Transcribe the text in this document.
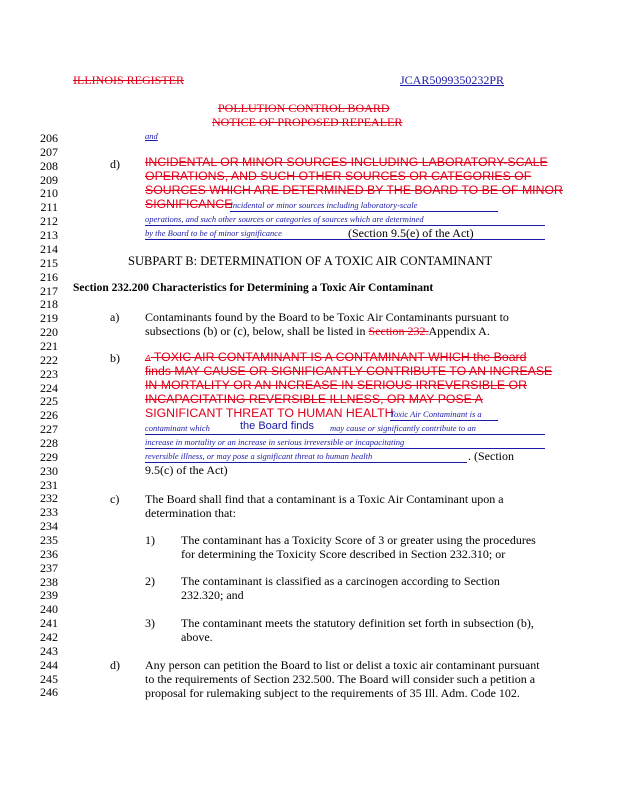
ILLINOIS REGISTER	JCAR5099350232PR
POLLUTION CONTROL BOARD
NOTICE OF PROPOSED REPEALER
206
207
208
209
210
211
212
213
214
215
216
217
218
219
220
221
222
223
224
225
226
227
228
229
230
231
232
233
234
235
236
237
238
239
240
241
242
243
244
245
246
and
d) INCIDENTAL OR MINOR SOURCES INCLUDING LABORATORY-SCALE
OPERATIONS, AND SUCH OTHER SOURCES OR CATEGORIES OF
SOURCES WHICH ARE DETERMINED BY THE BOARD TO BE OF MINOR
SIGNIFICANCE
Incidental or minor sources including laboratory-scale
operations, and such other sources or categories of sources which are determined
by the Board to be of minor significance	(Section 9.5(e) of the Act)
SUBPART B: DETERMINATION OF A TOXIC AIR CONTAMINANT
Section 232.200 Characteristics for Determining a Toxic Air Contaminant
a) Contaminants found by the Board to be Toxic Air Contaminants pursuant to
subsections (b) or (c), below, shall be listed in Section 232.Appendix A.
b)	A TOXIC AIR CONTAMINANT IS A CONTAMINANT WHICH the Board
finds MAY CAUSE OR SIGNIFICANTLY CONTRIBUTE TO AN INCREASE
IN MORTALITY OR AN INCREASE IN SERIOUS IRREVERSIBLE OR
INCAPACITATING REVERSIBLE ILLNESS, OR MAY POSE A
SIGNIFICANT THREAT TO HUMAN HEALTH
Toxic Air Contaminant is a
contaminant which	the Board finds may cause or significantly contribute to an
increase in mortality or an increase in serious irreversible or incapacitating
reversible illness, or may pose a significant threat to human health	. (Section
9.5(c) of the Act)
c) The Board shall find that a contaminant is a Toxic Air Contaminant upon a
determination that:
1) The contaminant has a Toxicity Score of 3 or greater using the procedures
for determining the Toxicity Score described in Section 232.310; or
2) The contaminant is classified as a carcinogen according to Section
232.320; and
3) The contaminant meets the statutory definition set forth in subsection (b),
above.
d) Any person can petition the Board to list or delist a toxic air contaminant pursuant
to the requirements of Section 232.500. The Board will consider such a petition a
proposal for rulemaking subject to the requirements of 35 Ill. Adm. Code 102.
